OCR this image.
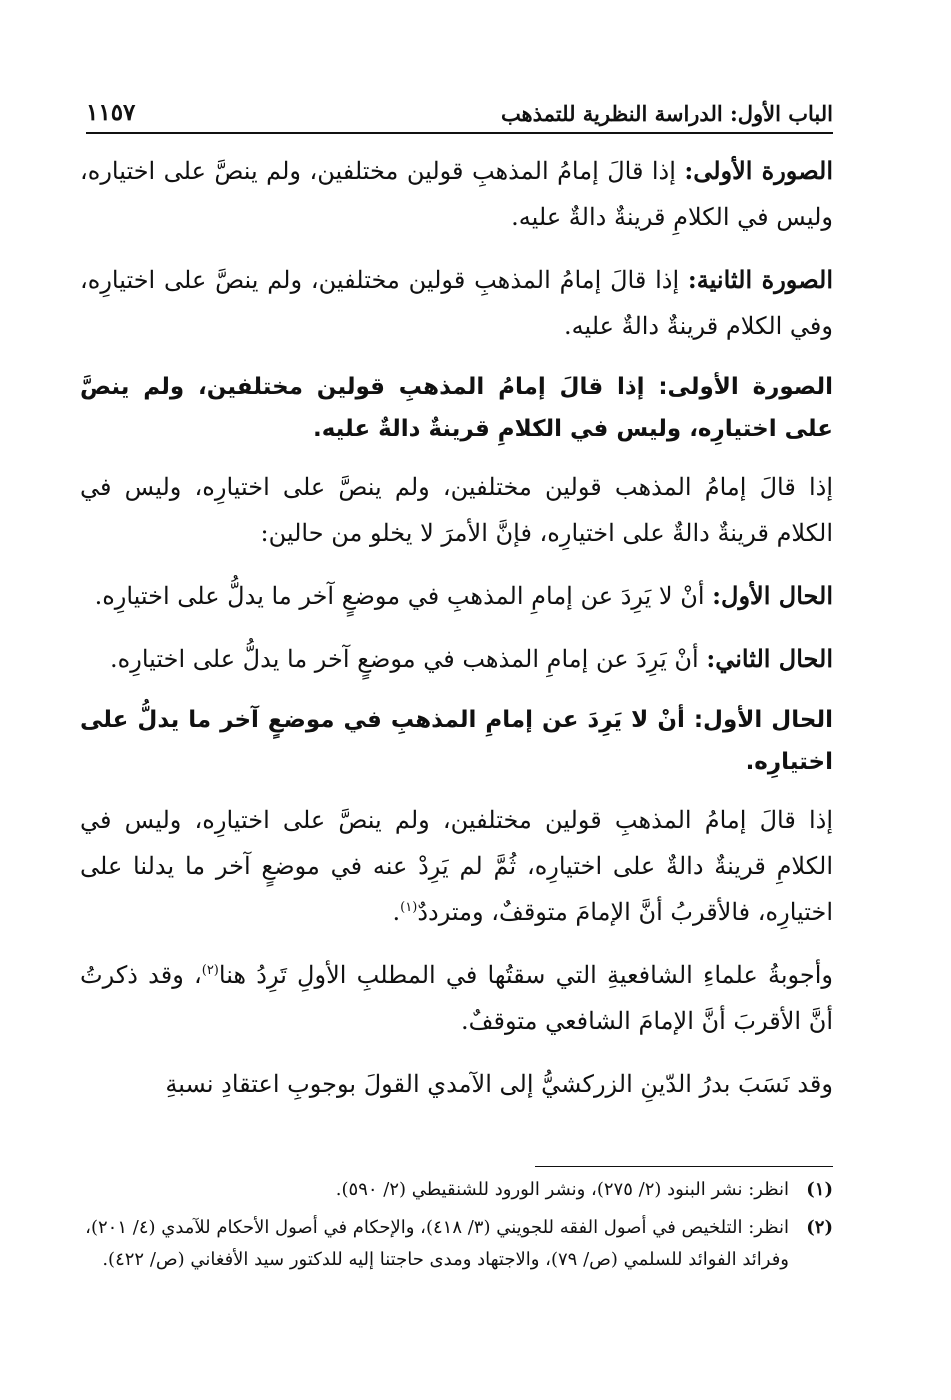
١١٥٧	الباب الأول: الدراسة النظرية للتمذهب

الصورة الأولى: إذا قالَ إمامُ المذهبِ قولين مختلفين، ولم ينصَّ على اختياره، وليس في الكلامِ قرينةٌ دالةٌ عليه.

الصورة الثانية: إذا قالَ إمامُ المذهبِ قولين مختلفين، ولم ينصَّ على اختيارِه، وفي الكلام قرينةٌ دالةٌ عليه.

الصورة الأولى: إذا قالَ إمامُ المذهبِ قولين مختلفين، ولم ينصَّ على اختيارِه، وليس في الكلامِ قرينةٌ دالةٌ عليه.

إذا قالَ إمامُ المذهب قولين مختلفين، ولم ينصَّ على اختيارِه، وليس في الكلام قرينةٌ دالةٌ على اختيارِه، فإنَّ الأمرَ لا يخلو من حالين:

الحال الأول: أنْ لا يَرِدَ عن إمامِ المذهبِ في موضعٍ آخر ما يدلُّ على اختيارِه.

الحال الثاني: أنْ يَرِدَ عن إمامِ المذهب في موضعٍ آخر ما يدلُّ على اختيارِه.

الحال الأول: أنْ لا يَرِدَ عن إمامِ المذهبِ في موضعٍ آخر ما يدلُّ على اختيارِه.

إذا قالَ إمامُ المذهبِ قولين مختلفين، ولم ينصَّ على اختيارِه، وليس في الكلامِ قرينةٌ دالةٌ على اختيارِه، ثُمَّ لم يَرِدْ عنه في موضعٍ آخر ما يدلنا على اختيارِه، فالأقربُ أنَّ الإمامَ متوقفٌ، ومترددٌ$^{(١)}$.

وأجوبةُ علماءِ الشافعيةِ التي سقتُها في المطلبِ الأولِ تَرِدُ هنا$^{(٢)}$، وقد ذكرتُ أنَّ الأقربَ أنَّ الإمامَ الشافعي متوقفٌ.

وقد نَسَبَ بدرُ الدّينِ الزركشيُّ إلى الآمدي القولَ بوجوبِ اعتقادِ نسبةِ

(١)
انظر: نشر البنود (٢/ ٢٧٥)، ونشر الورود للشنقيطي (٢/ ٥٩٠).
(٢)
انظر: التلخيص في أصول الفقه للجويني (٣/ ٤١٨)، والإحكام في أصول الأحكام للآمدي (٤/ ٢٠١)، وفرائد الفوائد للسلمي (ص/ ٧٩)، والاجتهاد ومدى حاجتنا إليه للدكتور سيد الأفغاني (ص/ ٤٢٢).
